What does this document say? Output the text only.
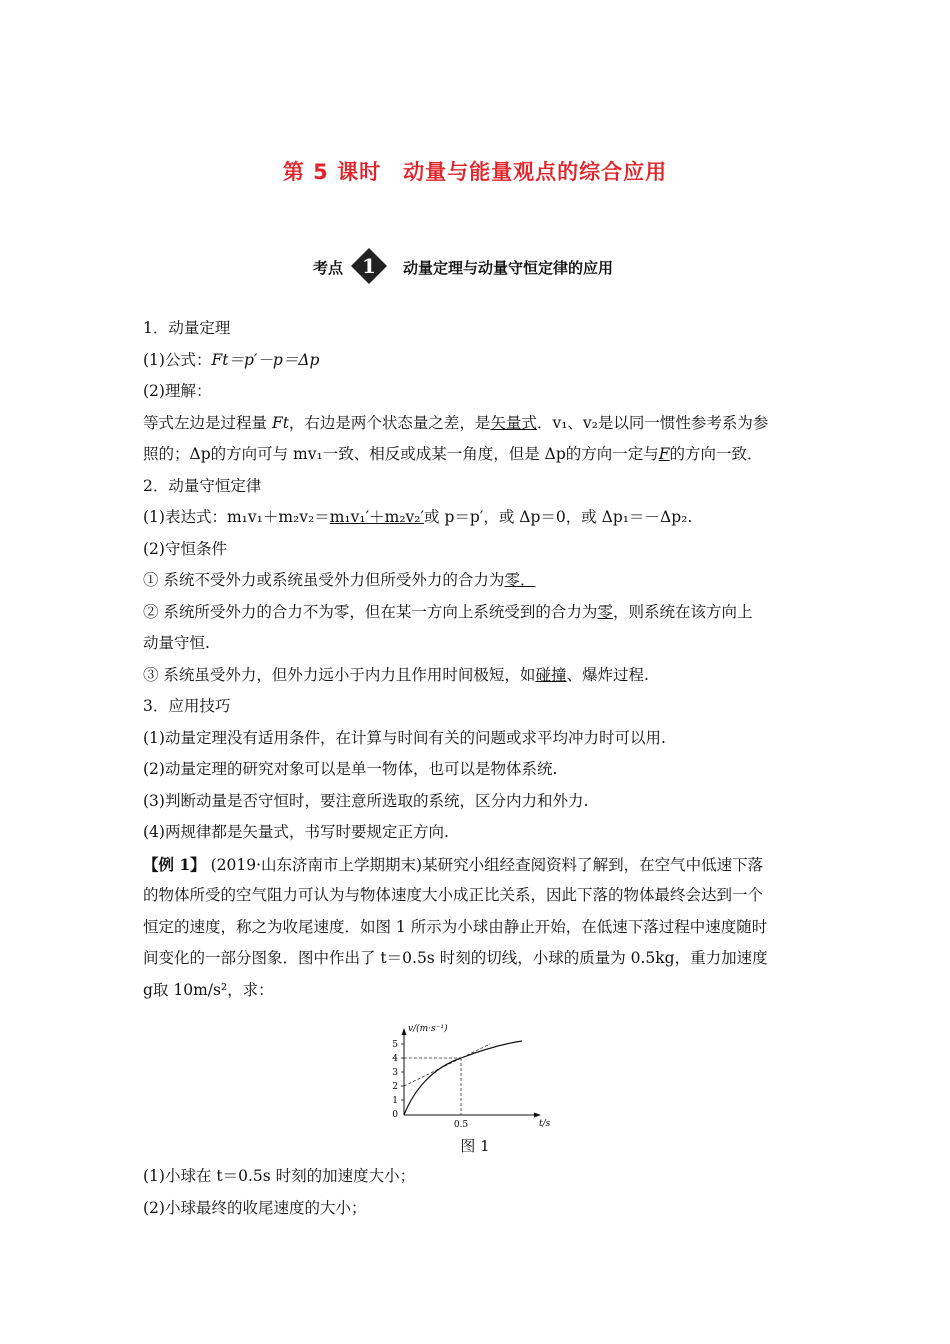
第 5 课时 动量与能量观点的综合应用
考点 1 动量定理与动量守恒定律的应用
1．动量定理
(1)公式：Ft＝p′－p＝Δp
(2)理解：
等式左边是过程量 Ft，右边是两个状态量之差，是矢量式．v₁、v₂是以同一惯性参考系为参
照的；Δp的方向可与 mv₁一致、相反或成某一角度，但是 Δp的方向一定与F的方向一致．
2．动量守恒定律
(1)表达式：m₁v₁＋m₂v₂＝m₁v₁′＋m₂v₂′或 p＝p′，或 Δp＝0，或 Δp₁＝－Δp₂.
(2)守恒条件
① 系统不受外力或系统虽受外力但所受外力的合力为零．
② 系统所受外力的合力不为零，但在某一方向上系统受到的合力为零，则系统在该方向上
动量守恒.
③ 系统虽受外力，但外力远小于内力且作用时间极短，如碰撞、爆炸过程.
3．应用技巧
(1)动量定理没有适用条件，在计算与时间有关的问题或求平均冲力时可以用.
(2)动量定理的研究对象可以是单一物体，也可以是物体系统.
(3)判断动量是否守恒时，要注意所选取的系统，区分内力和外力.
(4)两规律都是矢量式，书写时要规定正方向.
【例 1】 (2019·山东济南市上学期期末)某研究小组经查阅资料了解到，在空气中低速下落
的物体所受的空气阻力可认为与物体速度大小成正比关系，因此下落的物体最终会达到一个
恒定的速度，称之为收尾速度．如图 1 所示为小球由静止开始，在低速下落过程中速度随时
间变化的一部分图象．图中作出了 t＝0.5s 时刻的切线，小球的质量为 0.5kg，重力加速度
g取 10m/s²，求：
v/(m·s⁻¹)
t/s
5
4
3
2
1
0
0.5
图 1
(1)小球在 t＝0.5s 时刻的加速度大小；
(2)小球最终的收尾速度的大小；
